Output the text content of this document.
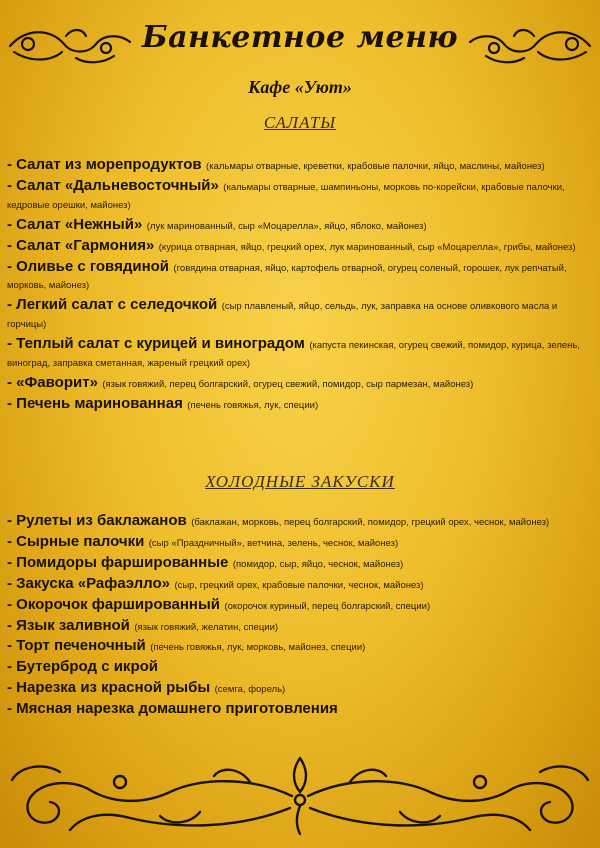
Банкетное меню
Кафе «Уют»
САЛАТЫ
- Салат из морепродуктов (кальмары отварные, креветки, крабовые палочки, яйцо, маслины, майонез)
- Салат «Дальневосточный» (кальмары отварные, шампиньоны, морковь по-корейски, крабовые палочки, кедровые орешки, майонез)
- Салат «Нежный» (лук маринованный, сыр «Моцарелла», яйцо, яблоко, майонез)
- Салат «Гармония» (курица отварная, яйцо, грецкий орех, лук маринованный, сыр «Моцарелла», грибы, майонез)
- Оливье с говядиной (говядина отварная, яйцо, картофель отварной, огурец соленый, горошек, лук репчатый, морковь, майонез)
- Легкий салат с селедочкой (сыр плавленый, яйцо, сельдь, лук, заправка на основе оливкового масла и горчицы)
- Теплый салат с курицей и виноградом (капуста пекинская, огурец свежий, помидор, курица, зелень, виноград, заправка сметанная, жареный грецкий орех)
- «Фаворит» (язык говяжий, перец болгарский, огурец свежий, помидор, сыр пармезан, майонез)
- Печень маринованная (печень говяжья, лук, специи)
ХОЛОДНЫЕ ЗАКУСКИ
- Рулеты из баклажанов (баклажан, морковь, перец болгарский, помидор, грецкий орех, чеснок, майонез)
- Сырные палочки (сыр «Праздничный», ветчина, зелень, чеснок, майонез)
- Помидоры фаршированные (помидор, сыр, яйцо, чеснок, майонез)
- Закуска «Рафаэлло» (сыр, грецкий орех, крабовые палочки, чеснок, майонез)
- Окорочок фаршированный (окорочок куриный, перец болгарский, специи)
- Язык заливной (язык говяжий, желатин, специи)
- Торт печеночный (печень говяжья, лук, морковь, майонез, специи)
- Бутерброд с икрой
- Нарезка из красной рыбы (семга, форель)
- Мясная нарезка домашнего приготовления
